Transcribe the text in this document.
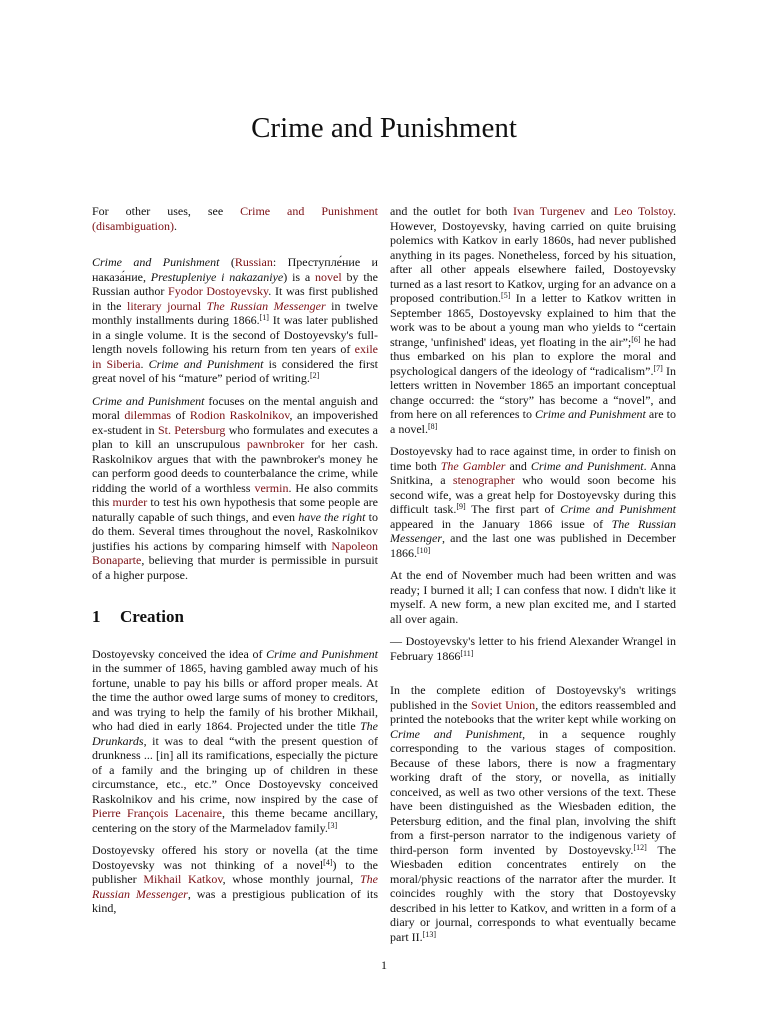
Crime and Punishment

For other uses, see Crime and Punishment (disambiguation).

Crime and Punishment (Russian: Преступле́ние и наказа́ние, Prestupleniye i nakazaniye) is a novel by the Russian author Fyodor Dostoyevsky. It was first published in the literary journal The Russian Messenger in twelve monthly installments during 1866.[1] It was later published in a single volume. It is the second of Dostoyevsky's full-length novels following his return from ten years of exile in Siberia. Crime and Punishment is considered the first great novel of his “mature” period of writing.[2]

Crime and Punishment focuses on the mental anguish and moral dilemmas of Rodion Raskolnikov, an impoverished ex-student in St. Petersburg who formulates and executes a plan to kill an unscrupulous pawnbroker for her cash. Raskolnikov argues that with the pawnbroker's money he can perform good deeds to counterbalance the crime, while ridding the world of a worthless vermin. He also commits this murder to test his own hypothesis that some people are naturally capable of such things, and even have the right to do them. Several times throughout the novel, Raskolnikov justifies his actions by comparing himself with Napoleon Bonaparte, believing that murder is permissible in pursuit of a higher purpose.

1 Creation

Dostoyevsky conceived the idea of Crime and Punishment in the summer of 1865, having gambled away much of his fortune, unable to pay his bills or afford proper meals. At the time the author owed large sums of money to creditors, and was trying to help the family of his brother Mikhail, who had died in early 1864. Projected under the title The Drunkards, it was to deal “with the present question of drunkness ... [in] all its ramifications, especially the picture of a family and the bringing up of children in these circumstance, etc., etc.” Once Dostoyevsky conceived Raskolnikov and his crime, now inspired by the case of Pierre François Lacenaire, this theme became ancillary, centering on the story of the Marmeladov family.[3]

Dostoyevsky offered his story or novella (at the time Dostoyevsky was not thinking of a novel[4]) to the publisher Mikhail Katkov, whose monthly journal, The Russian Messenger, was a prestigious publication of its kind,

and the outlet for both Ivan Turgenev and Leo Tolstoy. However, Dostoyevsky, having carried on quite bruising polemics with Katkov in early 1860s, had never published anything in its pages. Nonetheless, forced by his situation, after all other appeals elsewhere failed, Dostoyevsky turned as a last resort to Katkov, urging for an advance on a proposed contribution.[5] In a letter to Katkov written in September 1865, Dostoyevsky explained to him that the work was to be about a young man who yields to “certain strange, 'unfinished' ideas, yet floating in the air”;[6] he had thus embarked on his plan to explore the moral and psychological dangers of the ideology of “radicalism”.[7] In letters written in November 1865 an important conceptual change occurred: the “story” has become a “novel”, and from here on all references to Crime and Punishment are to a novel.[8]

Dostoyevsky had to race against time, in order to finish on time both The Gambler and Crime and Punishment. Anna Snitkina, a stenographer who would soon become his second wife, was a great help for Dostoyevsky during this difficult task.[9] The first part of Crime and Punishment appeared in the January 1866 issue of The Russian Messenger, and the last one was published in December 1866.[10]

At the end of November much had been written and was ready; I burned it all; I can confess that now. I didn't like it myself. A new form, a new plan excited me, and I started all over again.

— Dostoyevsky's letter to his friend Alexander Wrangel in February 1866[11]

In the complete edition of Dostoyevsky's writings published in the Soviet Union, the editors reassembled and printed the notebooks that the writer kept while working on Crime and Punishment, in a sequence roughly corresponding to the various stages of composition. Because of these labors, there is now a fragmentary working draft of the story, or novella, as initially conceived, as well as two other versions of the text. These have been distinguished as the Wiesbaden edition, the Petersburg edition, and the final plan, involving the shift from a first-person narrator to the indigenous variety of third-person form invented by Dostoyevsky.[12] The Wiesbaden edition concentrates entirely on the moral/physic reactions of the narrator after the murder. It coincides roughly with the story that Dostoyevsky described in his letter to Katkov, and written in a form of a diary or journal, corresponds to what eventually became part II.[13]

1
